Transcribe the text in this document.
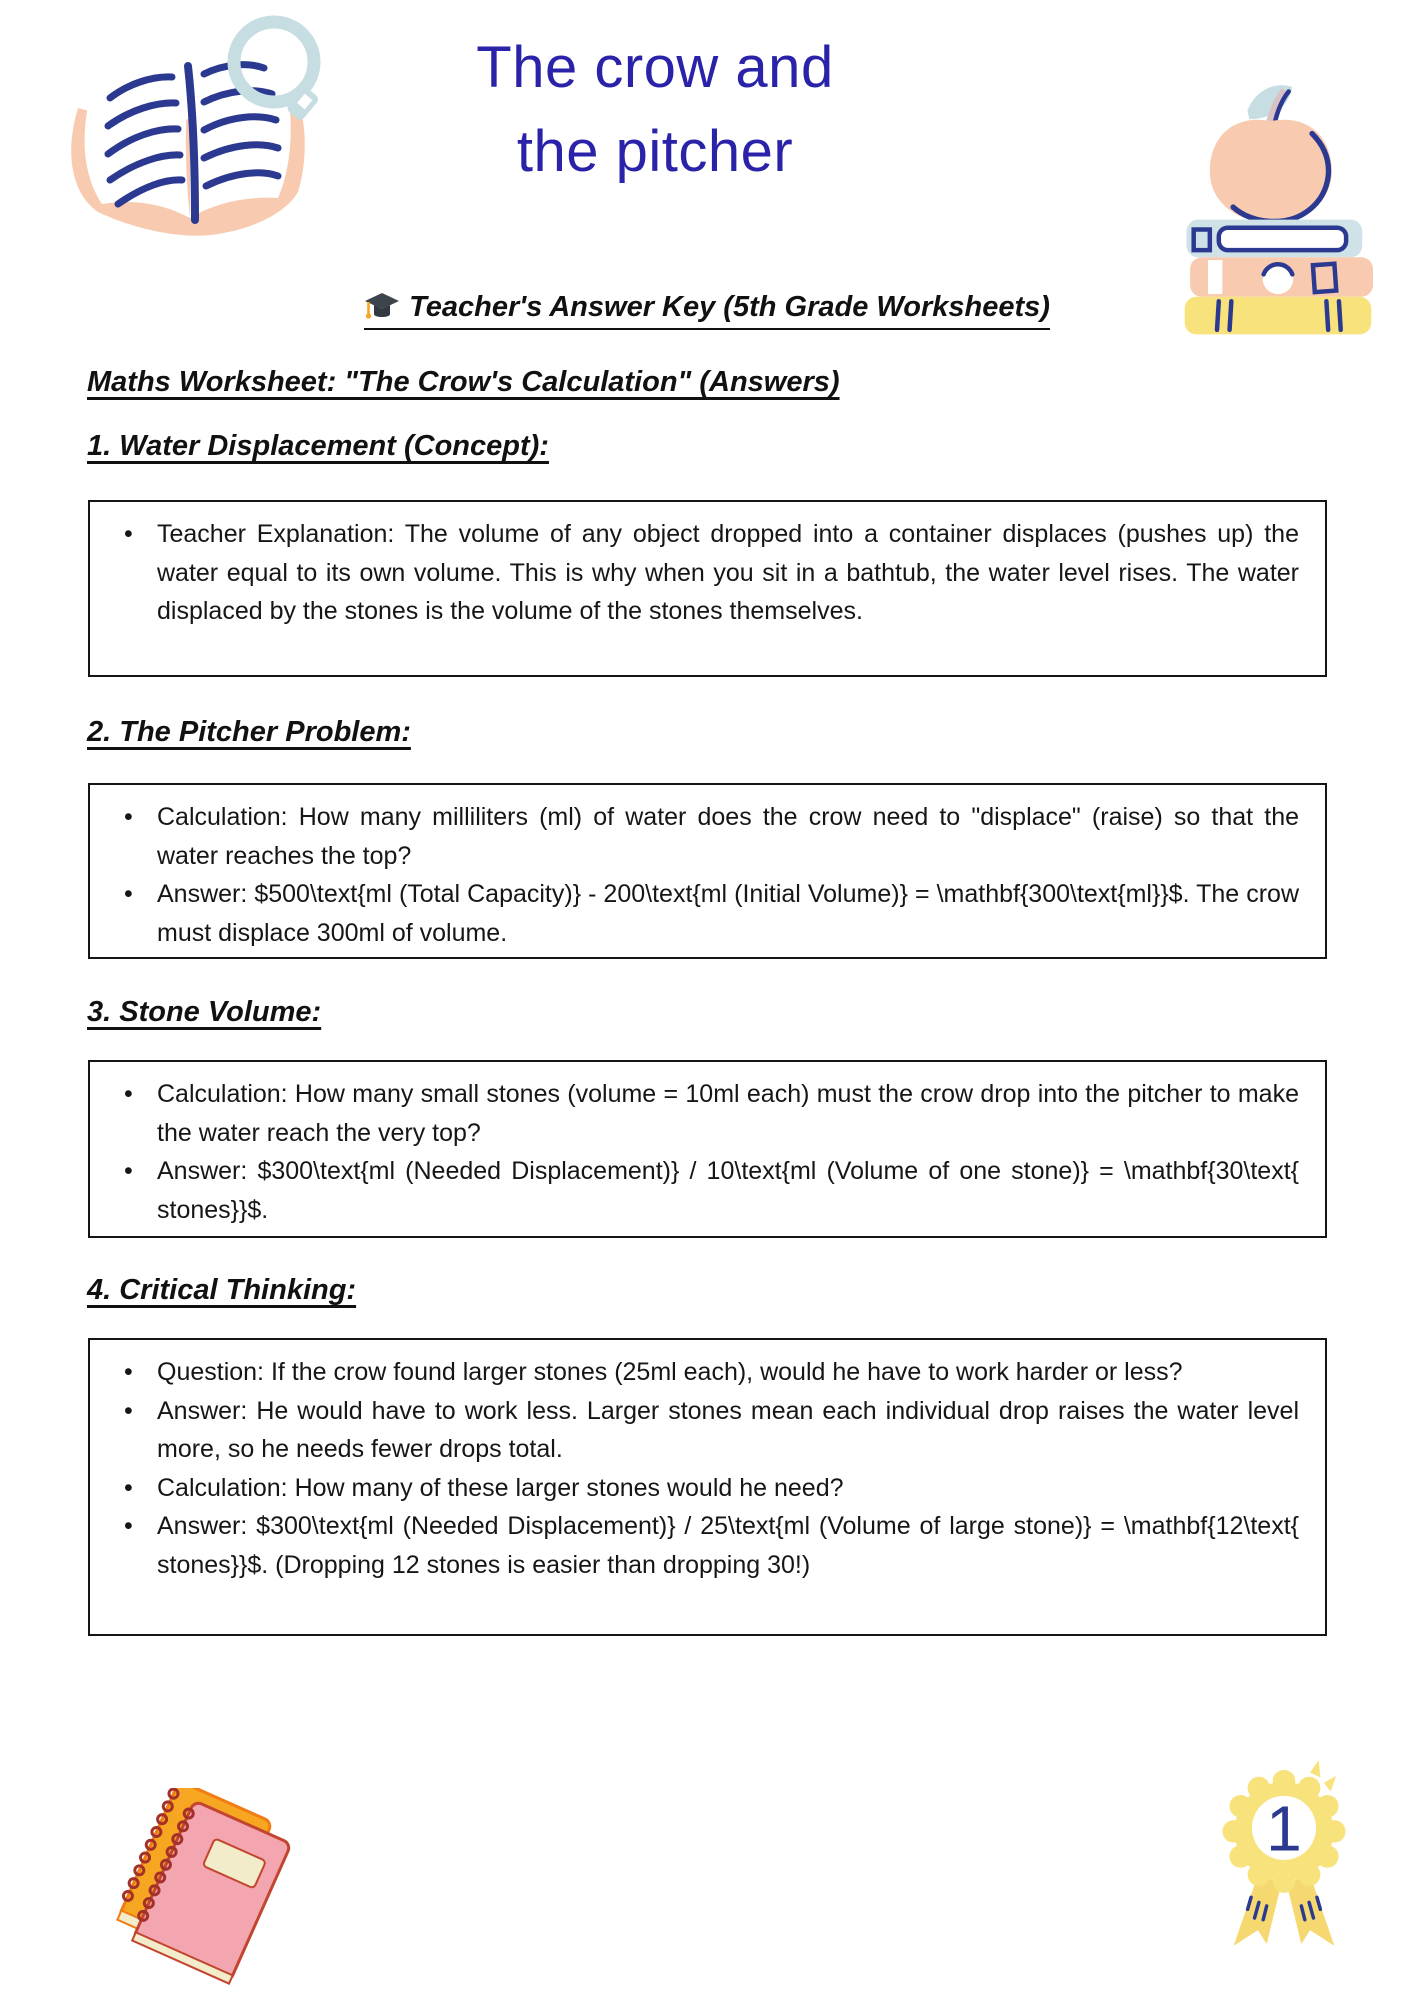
The crow and
the pitcher
Teacher's Answer Key (5th Grade Worksheets)
Maths Worksheet: "The Crow's Calculation" (Answers)
1. Water Displacement (Concept):
• Teacher Explanation: The volume of any object dropped into a container displaces (pushes up) the water equal to its own volume. This is why when you sit in a bathtub, the water level rises. The water displaced by the stones is the volume of the stones themselves.
2. The Pitcher Problem:
• Calculation: How many milliliters (ml) of water does the crow need to "displace" (raise) so that the water reaches the top?
• Answer: $500\text{ml (Total Capacity)} - 200\text{ml (Initial Volume)} = \mathbf{300\text{ml}}$. The crow must displace 300ml of volume.
3. Stone Volume:
• Calculation: How many small stones (volume = 10ml each) must the crow drop into the pitcher to make the water reach the very top?
• Answer: $300\text{ml (Needed Displacement)} / 10\text{ml (Volume of one stone)} = \mathbf{30\text{ stones}}$.
4. Critical Thinking:
• Question: If the crow found larger stones (25ml each), would he have to work harder or less?
• Answer: He would have to work less. Larger stones mean each individual drop raises the water level more, so he needs fewer drops total.
• Calculation: How many of these larger stones would he need?
• Answer: $300\text{ml (Needed Displacement)} / 25\text{ml (Volume of large stone)} = \mathbf{12\text{ stones}}$. (Dropping 12 stones is easier than dropping 30!)
1
